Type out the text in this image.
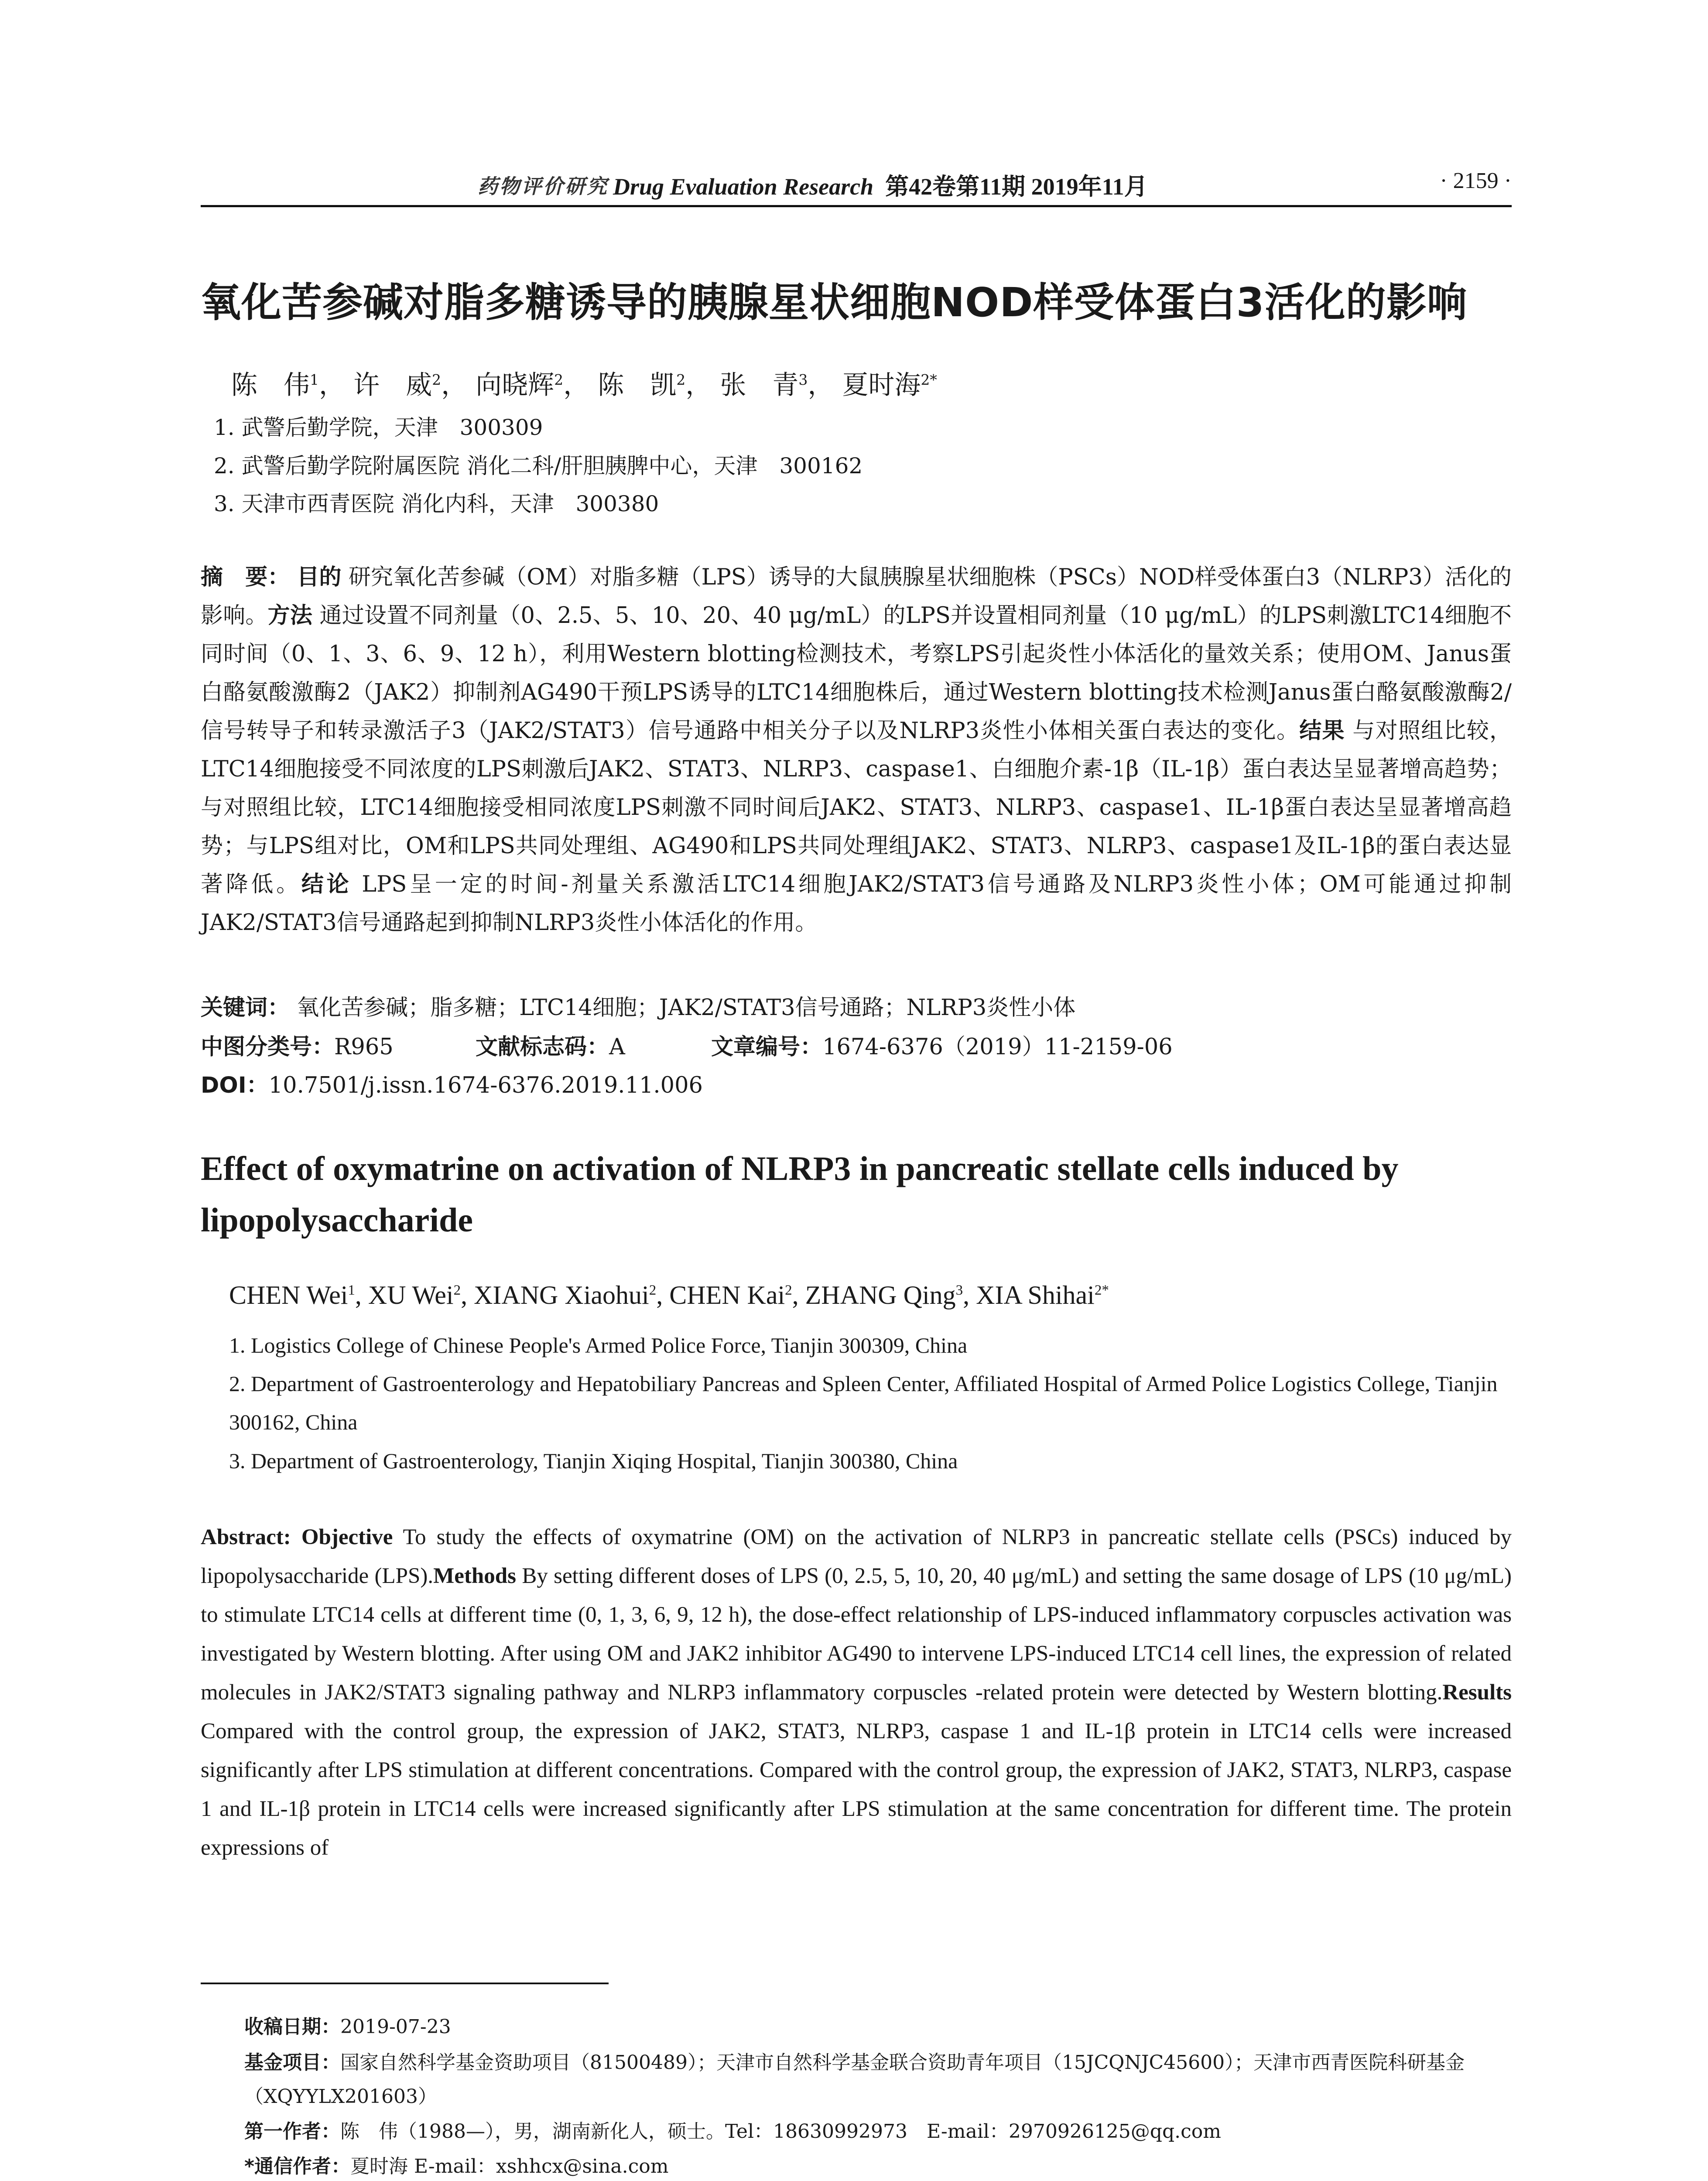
药物评价研究 Drug Evaluation Research 第42卷第11期 2019年11月	· 2159 ·
氧化苦参碱对脂多糖诱导的胰腺星状细胞NOD样受体蛋白3活化的影响
陈　伟$^1$， 许　威$^2$， 向晓辉$^2$， 陈　凯$^2$， 张　青$^3$， 夏时海$^{2*}$
1. 武警后勤学院，天津　300309
2. 武警后勤学院附属医院 消化二科/肝胆胰脾中心，天津　300162
3. 天津市西青医院 消化内科，天津　300380
摘　要： 目的 研究氧化苦参碱（OM）对脂多糖（LPS）诱导的大鼠胰腺星状细胞株（PSCs）NOD样受体蛋白3（NLRP3）活化的影响。方法 通过设置不同剂量（0、2.5、5、10、20、40 μg/mL）的LPS并设置相同剂量（10 μg/mL）的LPS刺激LTC14细胞不同时间（0、1、3、6、9、12 h），利用Western blotting检测技术，考察LPS引起炎性小体活化的量效关系；使用OM、Janus蛋白酪氨酸激酶2（JAK2）抑制剂AG490干预LPS诱导的LTC14细胞株后，通过Western blotting技术检测Janus蛋白酪氨酸激酶2/信号转导子和转录激活子3（JAK2/STAT3）信号通路中相关分子以及NLRP3炎性小体相关蛋白表达的变化。结果 与对照组比较，LTC14细胞接受不同浓度的LPS刺激后JAK2、STAT3、NLRP3、caspase1、白细胞介素-1β（IL-1β）蛋白表达呈显著增高趋势；与对照组比较，LTC14细胞接受相同浓度LPS刺激不同时间后JAK2、STAT3、NLRP3、caspase1、IL-1β蛋白表达呈显著增高趋势；与LPS组对比，OM和LPS共同处理组、AG490和LPS共同处理组JAK2、STAT3、NLRP3、caspase1及IL-1β的蛋白表达显著降低。结论 LPS呈一定的时间-剂量关系激活LTC14细胞JAK2/STAT3信号通路及NLRP3炎性小体；OM可能通过抑制JAK2/STAT3信号通路起到抑制NLRP3炎性小体活化的作用。
关键词： 氧化苦参碱；脂多糖；LTC14细胞；JAK2/STAT3信号通路；NLRP3炎性小体
中图分类号：R965	文献标志码：A	文章编号：1674-6376（2019）11-2159-06
DOI：10.7501/j.issn.1674-6376.2019.11.006
Effect of oxymatrine on activation of NLRP3 in pancreatic stellate cells induced by lipopolysaccharide
CHEN Wei$^1$, XU Wei$^2$, XIANG Xiaohui$^2$, CHEN Kai$^2$, ZHANG Qing$^3$, XIA Shihai$^{2*}$
1. Logistics College of Chinese People's Armed Police Force, Tianjin 300309, China
2. Department of Gastroenterology and Hepatobiliary Pancreas and Spleen Center, Affiliated Hospital of Armed Police Logistics College, Tianjin 300162, China
3. Department of Gastroenterology, Tianjin Xiqing Hospital, Tianjin 300380, China
Abstract: Objective To study the effects of oxymatrine (OM) on the activation of NLRP3 in pancreatic stellate cells (PSCs) induced by lipopolysaccharide (LPS).Methods By setting different doses of LPS (0, 2.5, 5, 10, 20, 40 μg/mL) and setting the same dosage of LPS (10 μg/mL) to stimulate LTC14 cells at different time (0, 1, 3, 6, 9, 12 h), the dose-effect relationship of LPS-induced inflammatory corpuscles activation was investigated by Western blotting. After using OM and JAK2 inhibitor AG490 to intervene LPS-induced LTC14 cell lines, the expression of related molecules in JAK2/STAT3 signaling pathway and NLRP3 inflammatory corpuscles -related protein were detected by Western blotting.Results Compared with the control group, the expression of JAK2, STAT3, NLRP3, caspase 1 and IL-1β protein in LTC14 cells were increased significantly after LPS stimulation at different concentrations. Compared with the control group, the expression of JAK2, STAT3, NLRP3, caspase 1 and IL-1β protein in LTC14 cells were increased significantly after LPS stimulation at the same concentration for different time. The protein expressions of
收稿日期：2019-07-23
基金项目：国家自然科学基金资助项目（81500489）；天津市自然科学基金联合资助青年项目（15JCQNJC45600）；天津市西青医院科研基金（XQYYLX201603）
第一作者：陈　伟（1988—），男，湖南新化人，硕士。Tel：18630992973　E-mail：2970926125@qq.com
*通信作者：夏时海 E-mail：xshhcx@sina.com
